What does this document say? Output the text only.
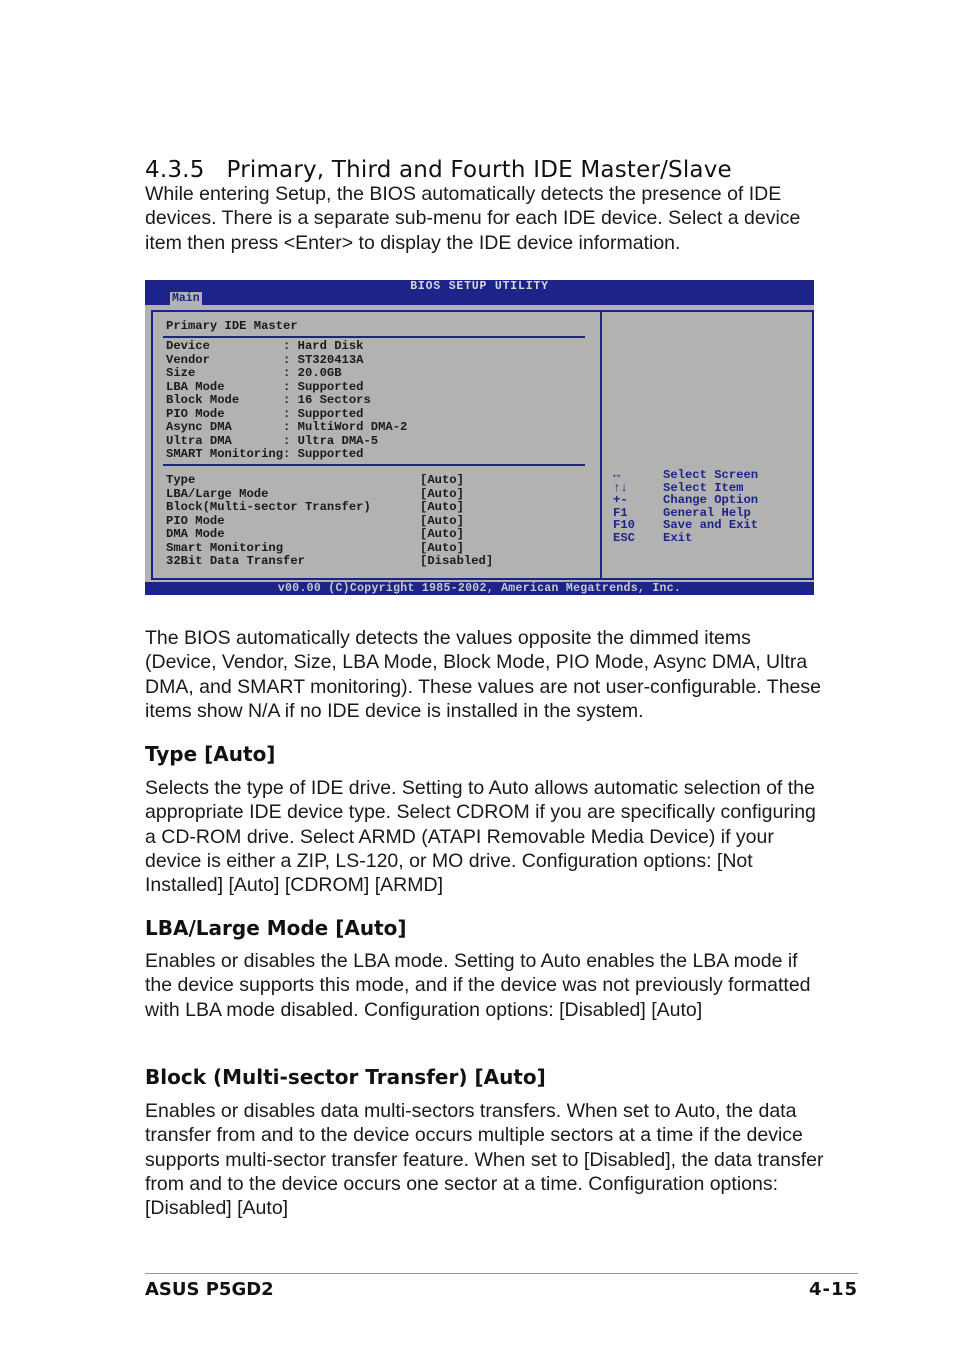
4.3.5 Primary, Third and Fourth IDE Master/Slave

While entering Setup, the BIOS automatically detects the presence of IDE devices. There is a separate sub-menu for each IDE device. Select a device item then press <Enter> to display the IDE device information.

BIOS SETUP UTILITY
Main
Primary IDE Master
Device	: Hard Disk
Vendor	: ST320413A
Size	: 20.0GB
LBA Mode	: Supported
Block Mode	: 16 Sectors
PIO Mode	: Supported
Async DMA	: MultiWord DMA-2
Ultra DMA	: Ultra DMA-5
SMART Monitoring: Supported
Type	[Auto]
LBA/Large Mode	[Auto]
Block(Multi-sector Transfer)	[Auto]
PIO Mode	[Auto]
DMA Mode	[Auto]
Smart Monitoring	[Auto]
32Bit Data Transfer	[Disabled]
↔	Select Screen
↑↓	Select Item
+-	Change Option
F1	General Help
F10 Save and Exit
ESC Exit
v00.00 (C)Copyright 1985-2002, American Megatrends, Inc.

The BIOS automatically detects the values opposite the dimmed items (Device, Vendor, Size, LBA Mode, Block Mode, PIO Mode, Async DMA, Ultra DMA, and SMART monitoring). These values are not user-configurable. These items show N/A if no IDE device is installed in the system.

Type [Auto]

Selects the type of IDE drive. Setting to Auto allows automatic selection of the appropriate IDE device type. Select CDROM if you are specifically configuring a CD-ROM drive. Select ARMD (ATAPI Removable Media Device) if your device is either a ZIP, LS-120, or MO drive. Configuration options: [Not Installed] [Auto] [CDROM] [ARMD]

LBA/Large Mode [Auto]

Enables or disables the LBA mode. Setting to Auto enables the LBA mode if the device supports this mode, and if the device was not previously formatted with LBA mode disabled. Configuration options: [Disabled] [Auto]

Block (Multi-sector Transfer) [Auto]

Enables or disables data multi-sectors transfers. When set to Auto, the data transfer from and to the device occurs multiple sectors at a time if the device supports multi-sector transfer feature. When set to [Disabled], the data transfer from and to the device occurs one sector at a time. Configuration options: [Disabled] [Auto]

ASUS P5GD2	4-15
